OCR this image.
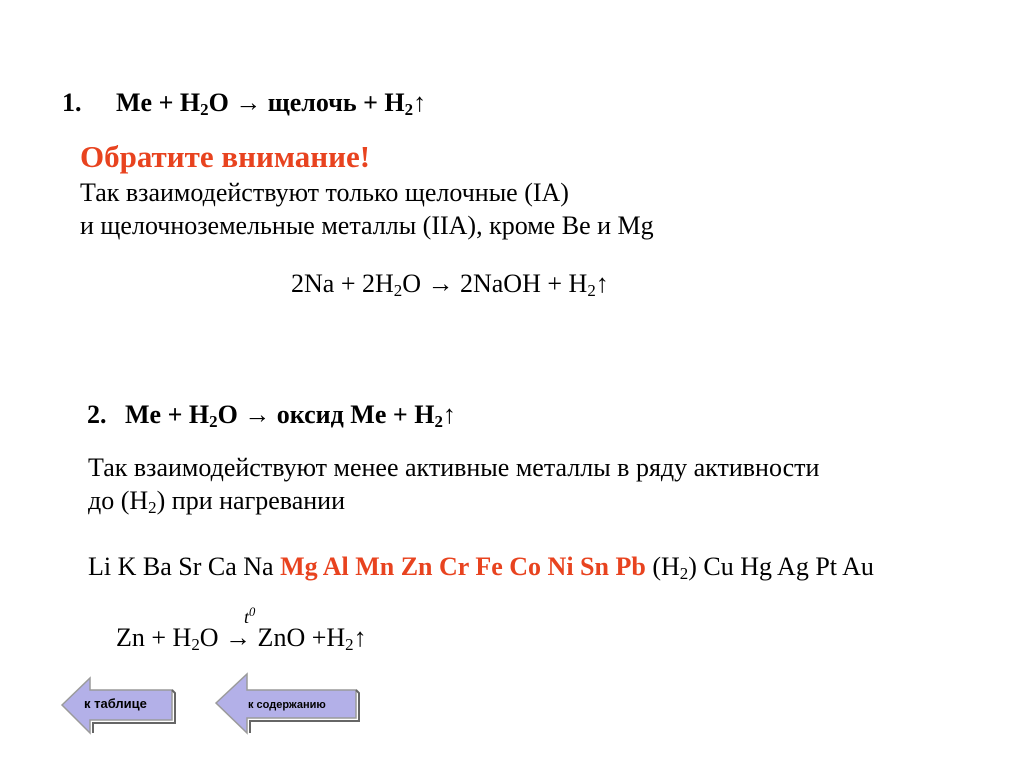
1. $Me + H_2O$ → щелочь + $H_2↑$
Обратите внимание!
Так взаимодействуют только щелочные (IA)
и щелочноземельные металлы (IIA), кроме Be и Mg
$2Na + 2H_2O$ → 2NaOH + $H_2↑$
2. $Me + H_2O$ → оксид $Me + H_2↑$
Так взаимодействуют менее активные металлы в ряду активности
до $(H_2)$ при нагревании
Li K Ba Sr Ca Na Mg Al Mn Zn Cr Fe Co Ni Sn Pb $(H_2)$ Cu Hg Ag Pt Au
$t^0$
$Zn + H_2O$ → ZnO $+H_2↑$
к таблице	к содержанию
